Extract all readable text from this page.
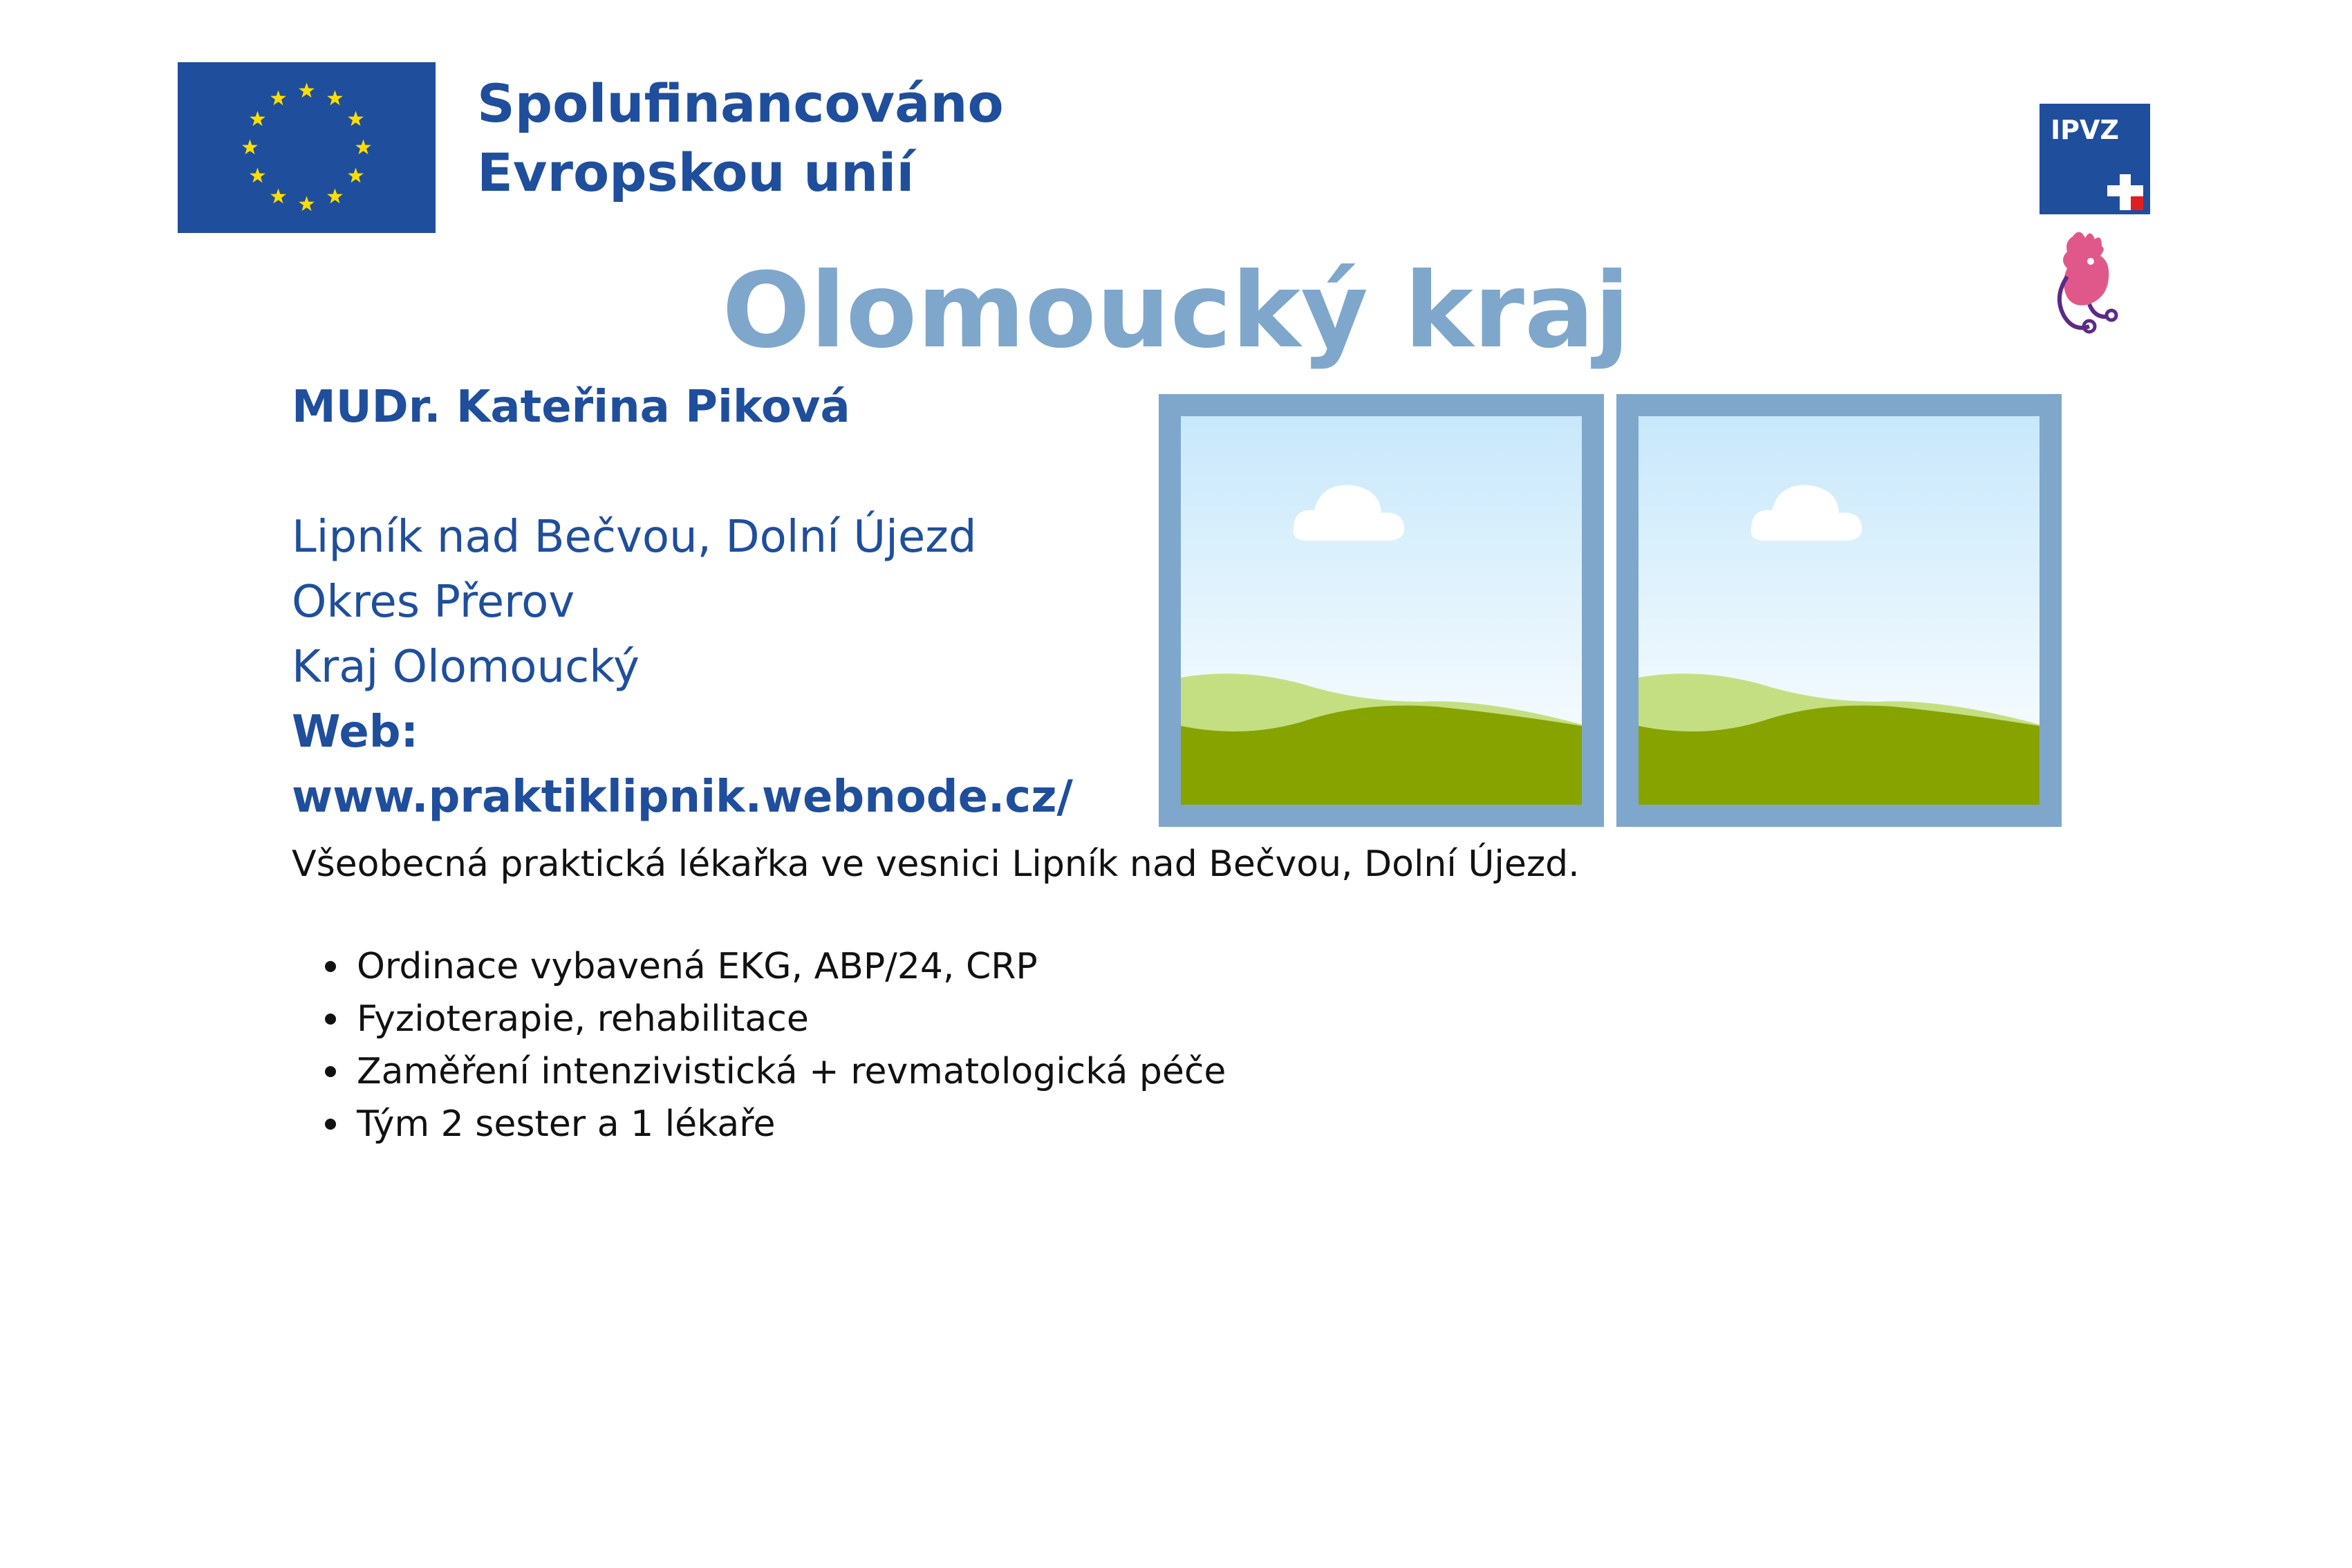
Spolufinancováno
Evropskou unií
IPVZ
Olomoucký kraj
MUDr. Kateřina Piková
Lipník nad Bečvou, Dolní Újezd
Okres Přerov
Kraj Olomoucký
Web:
www.praktiklipnik.webnode.cz/
Všeobecná praktická lékařka ve vesnici Lipník nad Bečvou, Dolní Újezd.
Ordinace vybavená EKG, ABP/24, CRP
Fyzioterapie, rehabilitace
Zaměření intenzivistická + revmatologická péče
Tým 2 sester a 1 lékaře
